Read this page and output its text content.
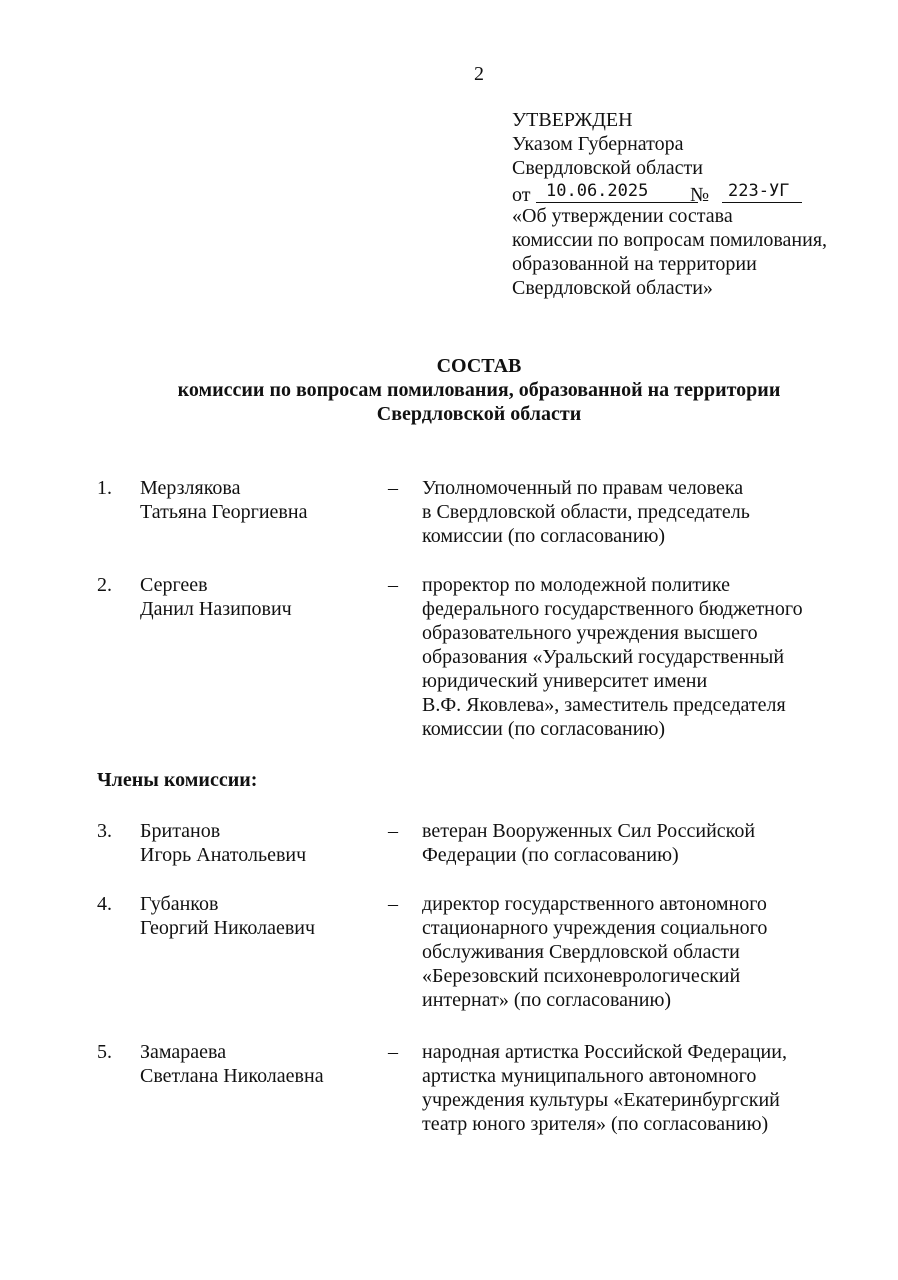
2
УТВЕРЖДЕН
Указом Губернатора
Свердловской области
от 10.06.2025	№	223-УГ
«Об утверждении состава
комиссии по вопросам помилования,
образованной на территории
Свердловской области»
СОСТАВ
комиссии по вопросам помилования, образованной на территории
Свердловской области
1. Мерзлякова
Татьяна Георгиевна
– Уполномоченный по правам человека
в Свердловской области, председатель
комиссии (по согласованию)
2. Сергеев
Данил Назипович
– проректор по молодежной политике
федерального государственного бюджетного
образовательного учреждения высшего
образования «Уральский государственный
юридический университет имени
В.Ф. Яковлева», заместитель председателя
комиссии (по согласованию)
Члены комиссии:
3. Британов
Игорь Анатольевич
– ветеран Вооруженных Сил Российской
Федерации (по согласованию)
4. Губанков
Георгий Николаевич
– директор государственного автономного
стационарного учреждения социального
обслуживания Свердловской области
«Березовский психоневрологический
интернат» (по согласованию)
5. Замараева
Светлана Николаевна
– народная артистка Российской Федерации,
артистка муниципального автономного
учреждения культуры «Екатеринбургский
театр юного зрителя» (по согласованию)
